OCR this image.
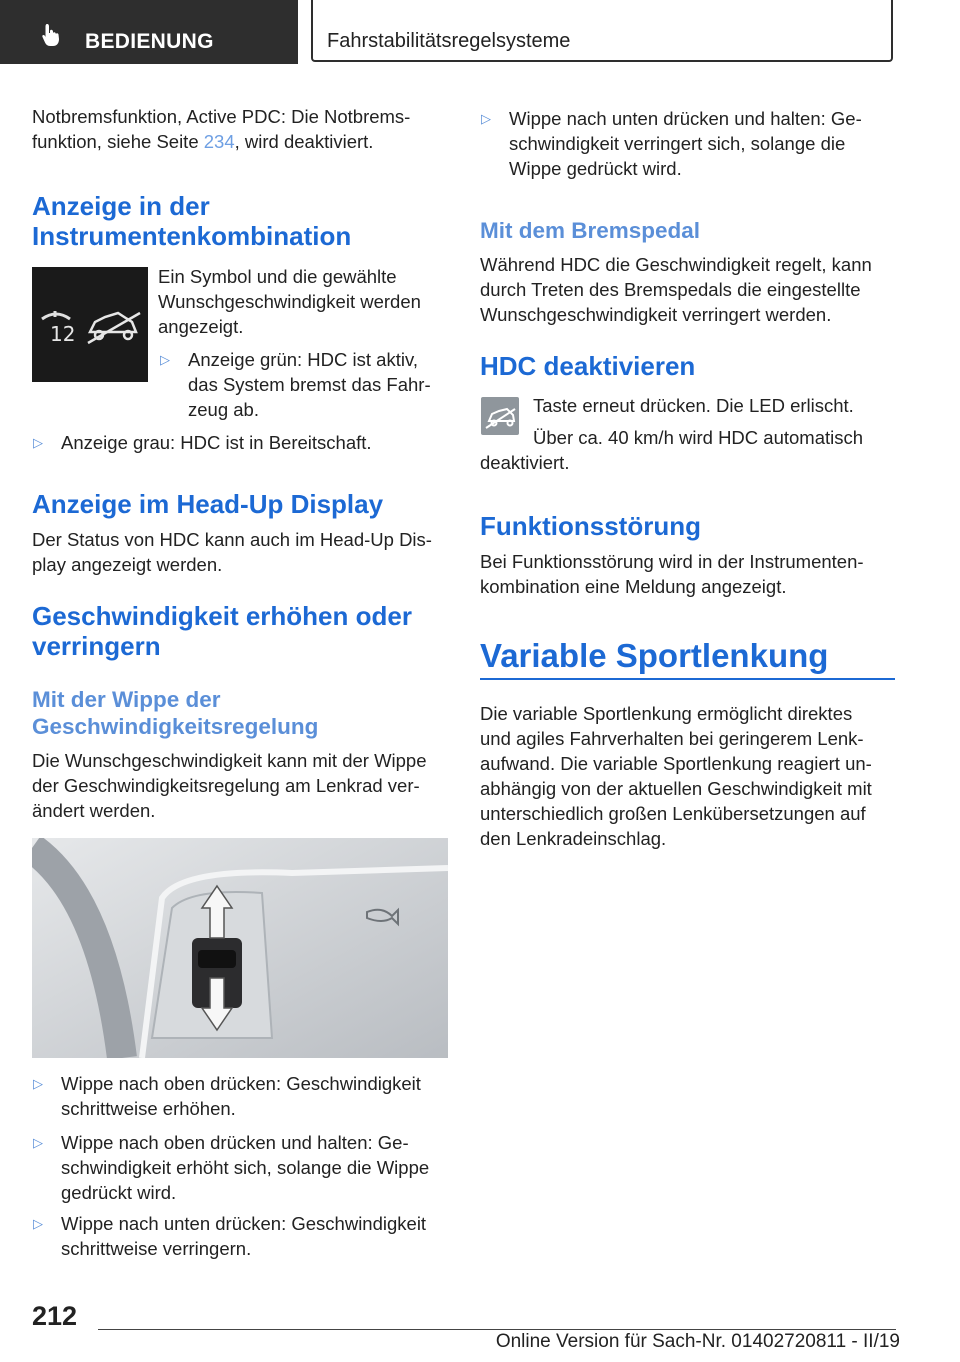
BEDIENUNG	Fahrstabilitätsregelsysteme

Notbremsfunktion, Active PDC: Die Notbrems‐

funktion, siehe Seite 234, wird deaktiviert.

Anzeige in der
Instrumentenkombination
12

Ein Symbol und die gewählte

Wunschgeschwindigkeit werden

angezeigt.

▷ Anzeige grün: HDC ist aktiv,
das System bremst das Fahr‐
zeug ab.
▷ Anzeige grau: HDC ist in Bereitschaft.
Anzeige im Head-Up Display

Der Status von HDC kann auch im Head-Up Dis‐

play angezeigt werden.

Geschwindigkeit erhöhen oder
verringern
Mit der Wippe der
Geschwindigkeitsregelung

Die Wunschgeschwindigkeit kann mit der Wippe

der Geschwindigkeitsregelung am Lenkrad ver‐

ändert werden.

▷ Wippe nach oben drücken: Geschwindigkeit
schrittweise erhöhen.
▷ Wippe nach oben drücken und halten: Ge‐
schwindigkeit erhöht sich, solange die Wippe
gedrückt wird.
▷ Wippe nach unten drücken: Geschwindigkeit
schrittweise verringern.
▷ Wippe nach unten drücken und halten: Ge‐
schwindigkeit verringert sich, solange die
Wippe gedrückt wird.
Mit dem Bremspedal

Während HDC die Geschwindigkeit regelt, kann

durch Treten des Bremspedals die eingestellte

Wunschgeschwindigkeit verringert werden.

HDC deaktivieren

Taste erneut drücken. Die LED erlischt.

Über ca. 40 km/h wird HDC automatisch

deaktiviert.

Funktionsstörung

Bei Funktionsstörung wird in der Instrumenten‐

kombination eine Meldung angezeigt.

Variable Sportlenkung

Die variable Sportlenkung ermöglicht direktes

und agiles Fahrverhalten bei geringerem Lenk‐

aufwand. Die variable Sportlenkung reagiert un‐

abhängig von der aktuellen Geschwindigkeit mit

unterschiedlich großen Lenkübersetzungen auf

den Lenkradeinschlag.

212
Online Version für Sach-Nr. 01402720811 - II/19
